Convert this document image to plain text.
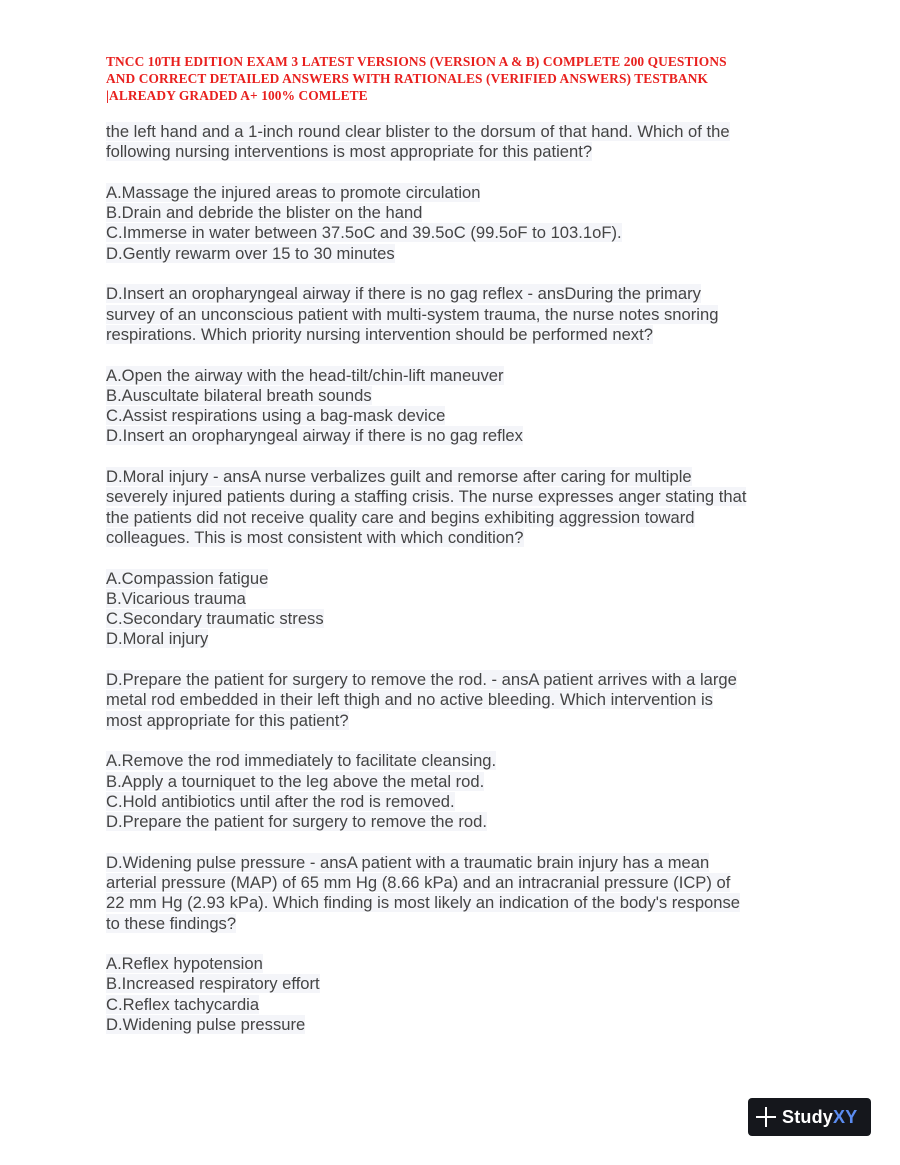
TNCC 10TH EDITION EXAM 3 LATEST VERSIONS (VERSION A & B) COMPLETE 200 QUESTIONS
AND CORRECT DETAILED ANSWERS WITH RATIONALES (VERIFIED ANSWERS) TESTBANK
|ALREADY GRADED A+ 100% COMLETE
the left hand and a 1-inch round clear blister to the dorsum of that hand. Which of the
following nursing interventions is most appropriate for this patient?
A.Massage the injured areas to promote circulation
B.Drain and debride the blister on the hand
C.Immerse in water between 37.5oC and 39.5oC (99.5oF to 103.1oF).
D.Gently rewarm over 15 to 30 minutes
D.Insert an oropharyngeal airway if there is no gag reflex - ansDuring the primary
survey of an unconscious patient with multi-system trauma, the nurse notes snoring
respirations. Which priority nursing intervention should be performed next?
A.Open the airway with the head-tilt/chin-lift maneuver
B.Auscultate bilateral breath sounds
C.Assist respirations using a bag-mask device
D.Insert an oropharyngeal airway if there is no gag reflex
D.Moral injury - ansA nurse verbalizes guilt and remorse after caring for multiple
severely injured patients during a staffing crisis. The nurse expresses anger stating that
the patients did not receive quality care and begins exhibiting aggression toward
colleagues. This is most consistent with which condition?
A.Compassion fatigue
B.Vicarious trauma
C.Secondary traumatic stress
D.Moral injury
D.Prepare the patient for surgery to remove the rod. - ansA patient arrives with a large
metal rod embedded in their left thigh and no active bleeding. Which intervention is
most appropriate for this patient?
A.Remove the rod immediately to facilitate cleansing.
B.Apply a tourniquet to the leg above the metal rod.
C.Hold antibiotics until after the rod is removed.
D.Prepare the patient for surgery to remove the rod.
D.Widening pulse pressure - ansA patient with a traumatic brain injury has a mean
arterial pressure (MAP) of 65 mm Hg (8.66 kPa) and an intracranial pressure (ICP) of
22 mm Hg (2.93 kPa). Which finding is most likely an indication of the body's response
to these findings?
A.Reflex hypotension
B.Increased respiratory effort
C.Reflex tachycardia
D.Widening pulse pressure
StudyXY
